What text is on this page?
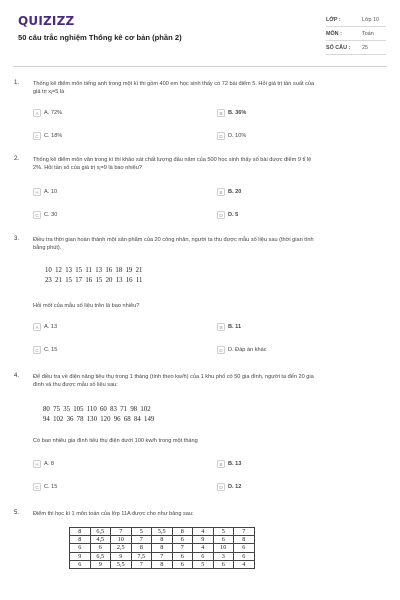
QUIZIZZ
50 câu trắc nghiệm Thống kê cơ bản (phần 2)
LỚP :	Lớp 10
MÔN :	Toán
SỐ CÂU :	25
1. Thống kê điểm môn tiếng anh trong một kì thi gồm 400 em học sinh thấy có 72 bài điểm 5. Hỏi giá trị tần suất của
giá trị $x_i=5$ là
A A. 72%	B B. 36%
C C. 18%	D D. 10%
2. Thống kê điểm môn văn trong kì thi khảo sát chất lượng đầu năm của 500 học sinh thấy số bài được điểm 9 tỉ lệ
2%. Hỏi tần số của giá trị $x_i=9$ là bao nhiêu?
A A. 10	B B. 20
C C. 30	D D. 5
3. Điều tra thời gian hoàn thành một sản phẩm của 20 công nhân, người ta thu được mẫu số liệu sau (thời gian tính
bằng phút).
10 12 13 15 11 13 16 18 19 21
23 21 15 17 16 15 20 13 16 11
Hỏi mốt của mẫu số liệu trên là bao nhiêu?
A A. 13	B B. 11
C C. 15	D D. Đáp án khác
4. Để điều tra về điện năng tiêu thụ trong 1 tháng (tính theo kw/h) của 1 khu phố có 50 gia đình, người ta đến 20 gia
đình và thu được mẫu số liệu sau:
80 75 35 105 110 60 83 71 98 102
94 102 36 78 130 120 96 68 84 149
Có bao nhiêu gia đình tiêu thụ điện dưới 100 kw/h trong một tháng
A A. 8	B B. 13
C C. 15	D D. 12
5. Điểm thi học kì 1 môn toán của lớp 11A được cho như bảng sau:
8	6,5	7	5	5,5	8	4	5	7
8	4,5	10	7	8	6	9	6	8
6	6	2,5	8	8	7	4	10	6
9	6,5	9	7,5	7	6	6	3	6
6	9	5,5	7	8	6	5	6	4
